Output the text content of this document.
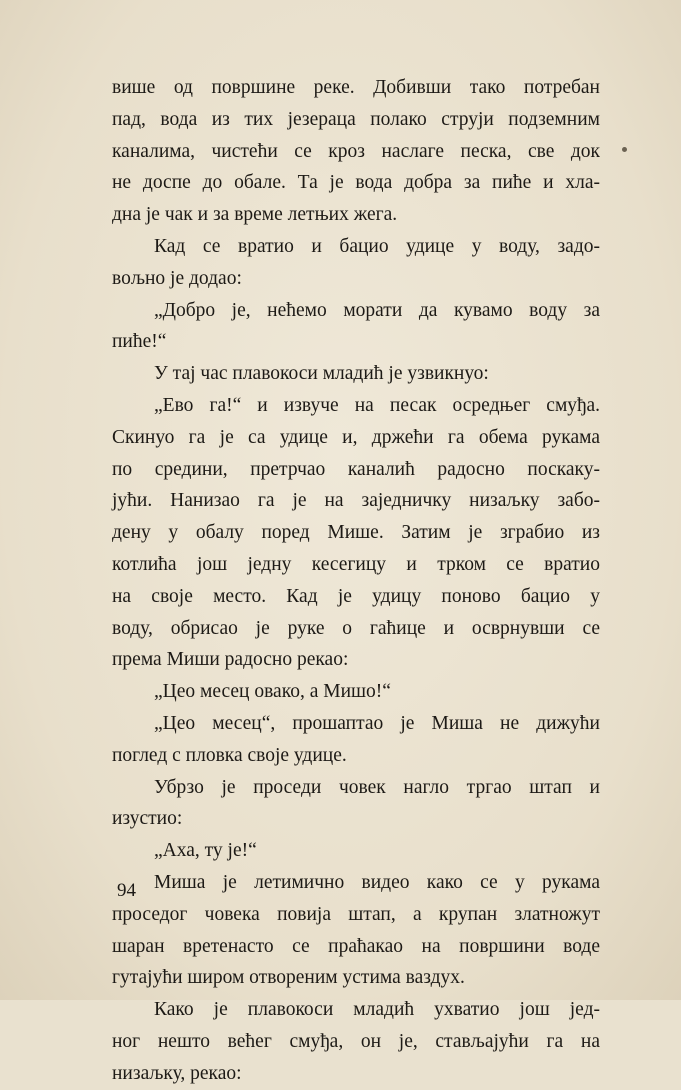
више од површине реке. Добивши тако потребан
пад, вода из тих језераца полако струји подземним
каналима, чистећи се кроз наслаге песка, све док
не доспе до обале. Та је вода добра за пиће и хла-
дна је чак и за време летњих жега.
Кад се вратио и бацио удице у воду, задо-
вољно је додао:
„Добро је, нећемо морати да кувамо воду за
пиће!“
У тај час плавокоси младић је узвикнуо:
„Ево га!“ и извуче на песак осредњег смуђа.
Скинуо га је са удице и, држећи га обема рукама
по средини, претрчао каналић радосно поскаку-
јући. Нанизао га је на заједничку низаљку забо-
дену у обалу поред Мише. Затим је зграбио из
котлића још једну кесегицу и трком се вратио
на своје место. Кад је удицу поново бацио у
воду, обрисао је руке о гаћице и осврнувши се
према Миши радосно рекао:
„Цео месец овако, а Мишо!“
„Цео месец“, прошаптао је Миша не дижући
поглед с пловка своје удице.
Убрзо је проседи човек нагло тргао штап и
изустио:
„Аха, ту је!“
Миша је летимично видео како се у рукама
проседог човека повија штап, а крупан златножут
шаран вретенасто се праћакао на површини воде
гутајући широм отвореним устима ваздух.
Како је плавокоси младић ухватио још јед-
ног нешто већег смуђа, он је, стављајући га на
низаљку, рекао:
94
